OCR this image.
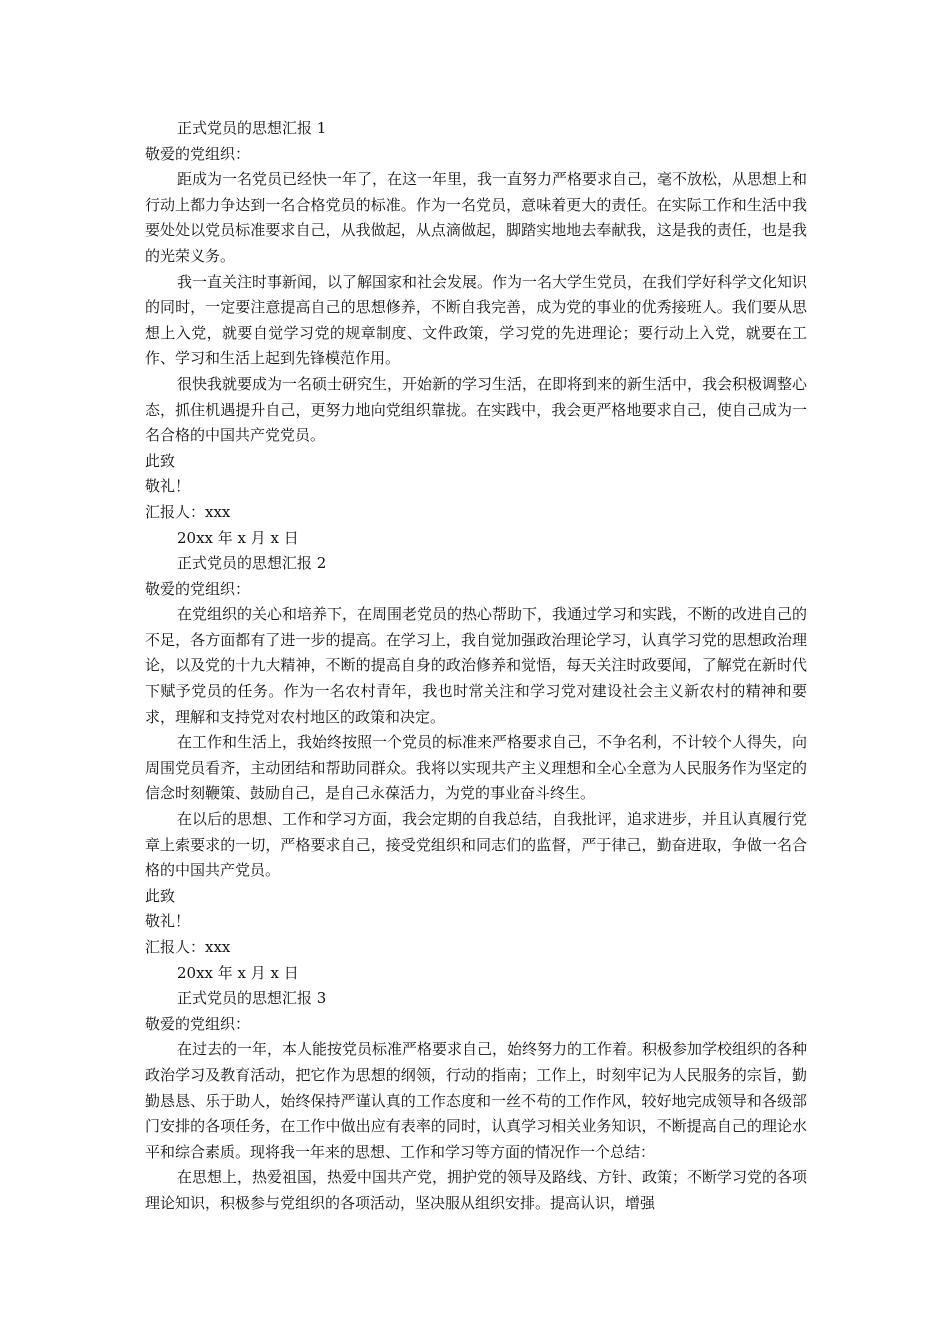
正式党员的思想汇报 1

敬爱的党组织：

距成为一名党员已经快一年了，在这一年里，我一直努力严格要求自己，毫不放松，从思想上和行动上都力争达到一名合格党员的标准。作为一名党员，意味着更大的责任。在实际工作和生活中我要处处以党员标准要求自己，从我做起，从点滴做起，脚踏实地地去奉献我，这是我的责任，也是我的光荣义务。

我一直关注时事新闻，以了解国家和社会发展。作为一名大学生党员，在我们学好科学文化知识的同时，一定要注意提高自己的思想修养，不断自我完善，成为党的事业的优秀接班人。我们要从思想上入党，就要自觉学习党的规章制度、文件政策，学习党的先进理论；要行动上入党，就要在工作、学习和生活上起到先锋模范作用。

很快我就要成为一名硕士研究生，开始新的学习生活，在即将到来的新生活中，我会积极调整心态，抓住机遇提升自己，更努力地向党组织靠拢。在实践中，我会更严格地要求自己，使自己成为一名合格的中国共产党党员。

此致

敬礼！

汇报人：xxx

20xx 年 x 月 x 日

正式党员的思想汇报 2

敬爱的党组织：

在党组织的关心和培养下，在周围老党员的热心帮助下，我通过学习和实践，不断的改进自己的不足，各方面都有了进一步的提高。在学习上，我自觉加强政治理论学习，认真学习党的思想政治理论，以及党的十九大精神，不断的提高自身的政治修养和觉悟，每天关注时政要闻，了解党在新时代下赋予党员的任务。作为一名农村青年，我也时常关注和学习党对建设社会主义新农村的精神和要求，理解和支持党对农村地区的政策和决定。

在工作和生活上，我始终按照一个党员的标准来严格要求自己，不争名利，不计较个人得失，向周围党员看齐，主动团结和帮助同群众。我将以实现共产主义理想和全心全意为人民服务作为坚定的信念时刻鞭策、鼓励自己，是自己永葆活力，为党的事业奋斗终生。

在以后的思想、工作和学习方面，我会定期的自我总结，自我批评，追求进步，并且认真履行党章上索要求的一切，严格要求自己，接受党组织和同志们的监督，严于律己，勤奋进取，争做一名合格的中国共产党员。

此致

敬礼！

汇报人：xxx

20xx 年 x 月 x 日

正式党员的思想汇报 3

敬爱的党组织：

在过去的一年，本人能按党员标准严格要求自己，始终努力的工作着。积极参加学校组织的各种政治学习及教育活动，把它作为思想的纲领，行动的指南；工作上，时刻牢记为人民服务的宗旨，勤勤恳恳、乐于助人，始终保持严谨认真的工作态度和一丝不苟的工作作风，较好地完成领导和各级部门安排的各项任务，在工作中做出应有表率的同时，认真学习相关业务知识，不断提高自己的理论水平和综合素质。现将我一年来的思想、工作和学习等方面的情况作一个总结：

在思想上，热爱祖国，热爱中国共产党，拥护党的领导及路线、方针、政策；不断学习党的各项理论知识，积极参与党组织的各项活动，坚决服从组织安排。提高认识，增强
